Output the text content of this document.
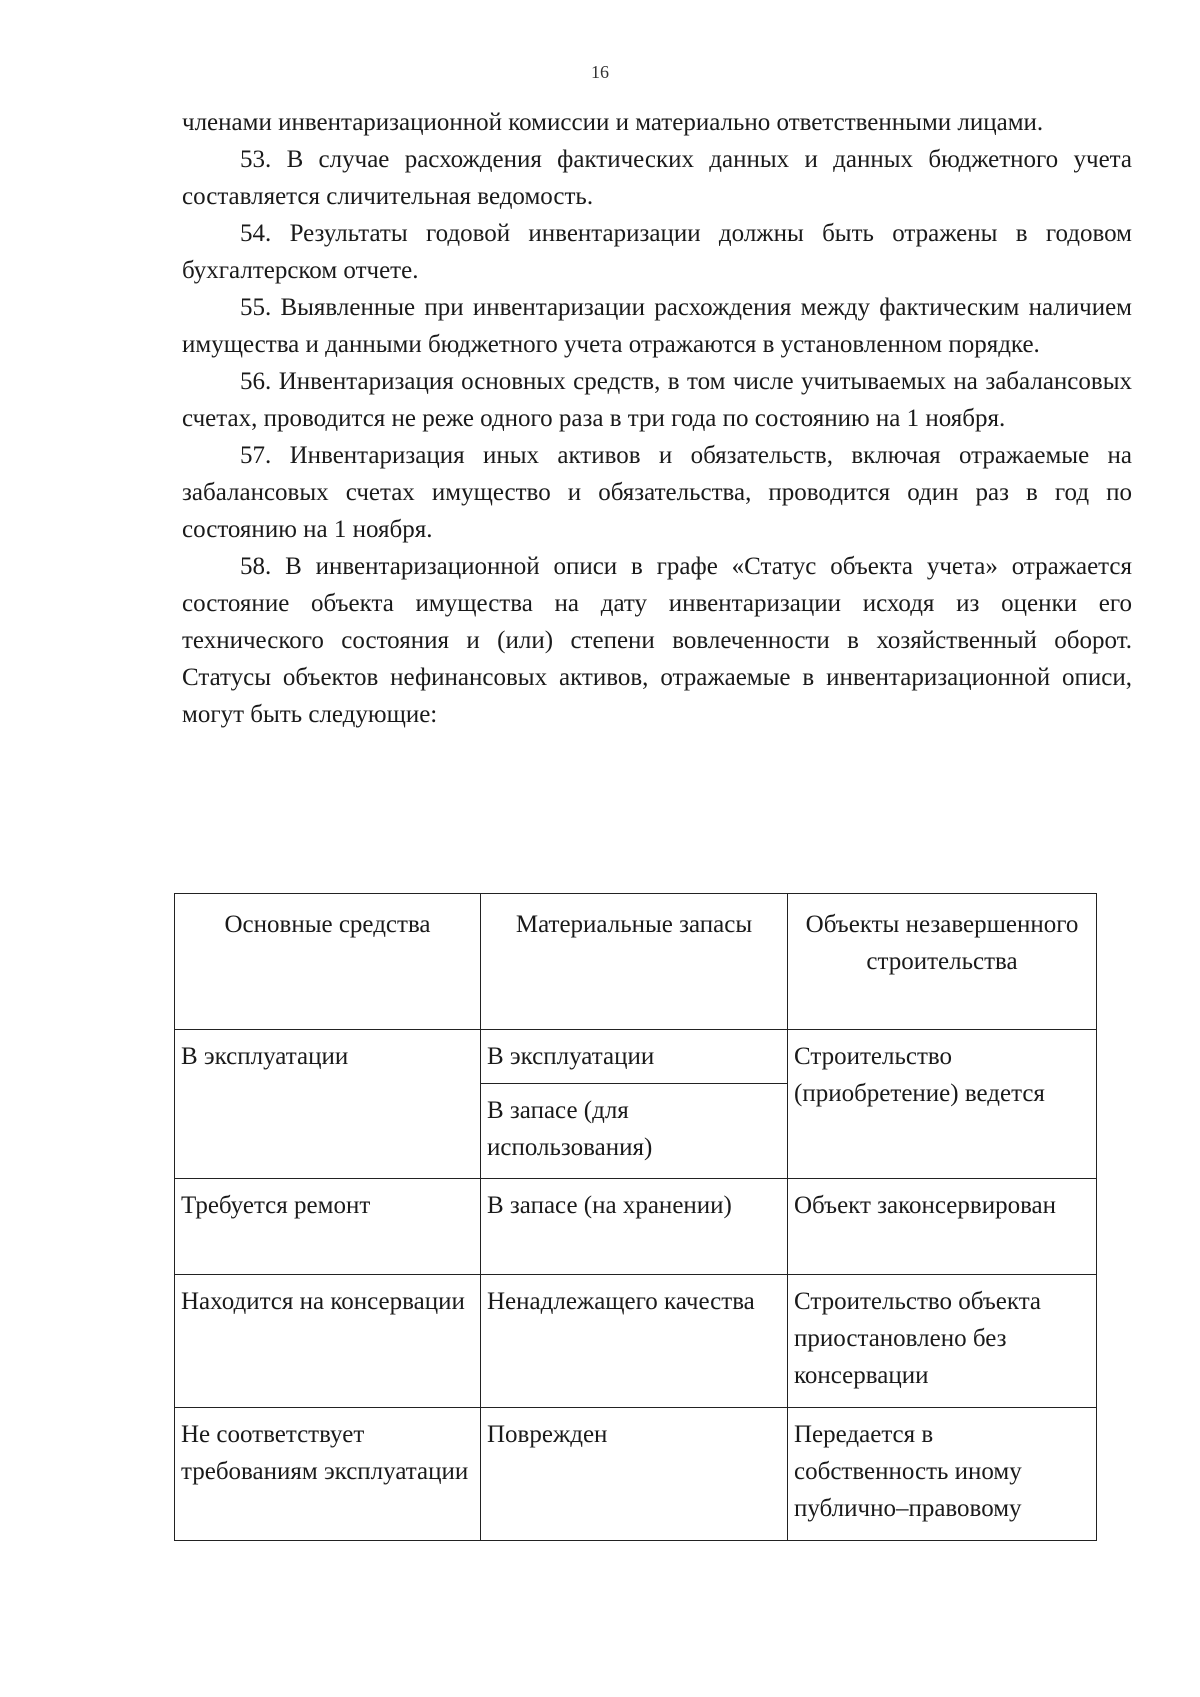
16

членами инвентаризационной комиссии и материально ответственными лицами.

53. В случае расхождения фактических данных и данных бюджетного учета составляется сличительная ведомость.

54. Результаты годовой инвентаризации должны быть отражены в годовом бухгалтерском отчете.

55. Выявленные при инвентаризации расхождения между фактическим наличием имущества и данными бюджетного учета отражаются в установленном порядке.

56. Инвентаризация основных средств, в том числе учитываемых на забалансовых счетах, проводится не реже одного раза в три года по состоянию на 1 ноября.

57. Инвентаризация иных активов и обязательств, включая отражаемые на забалансовых счетах имущество и обязательства, проводится один раз в год по состоянию на 1 ноября.

58. В инвентаризационной описи в графе «Статус объекта учета» отражается состояние объекта имущества на дату инвентаризации исходя из оценки его технического состояния и (или) степени вовлеченности в хозяйственный оборот. Статусы объектов нефинансовых активов, отражаемые в инвентаризационной описи, могут быть следующие:

Основные средства	Материальные запасы	Объекты незавершенного строительства
В эксплуатации	В эксплуатации	Строительство (приобретение) ведется
	В запасе (для использования)	
Требуется ремонт	В запасе (на хранении)	Объект законсервирован
Находится на консервации	Ненадлежащего качества	Строительство объекта приостановлено без консервации
Не соответствует требованиям эксплуатации	Поврежден	Передается в собственность иному публично–правовому
